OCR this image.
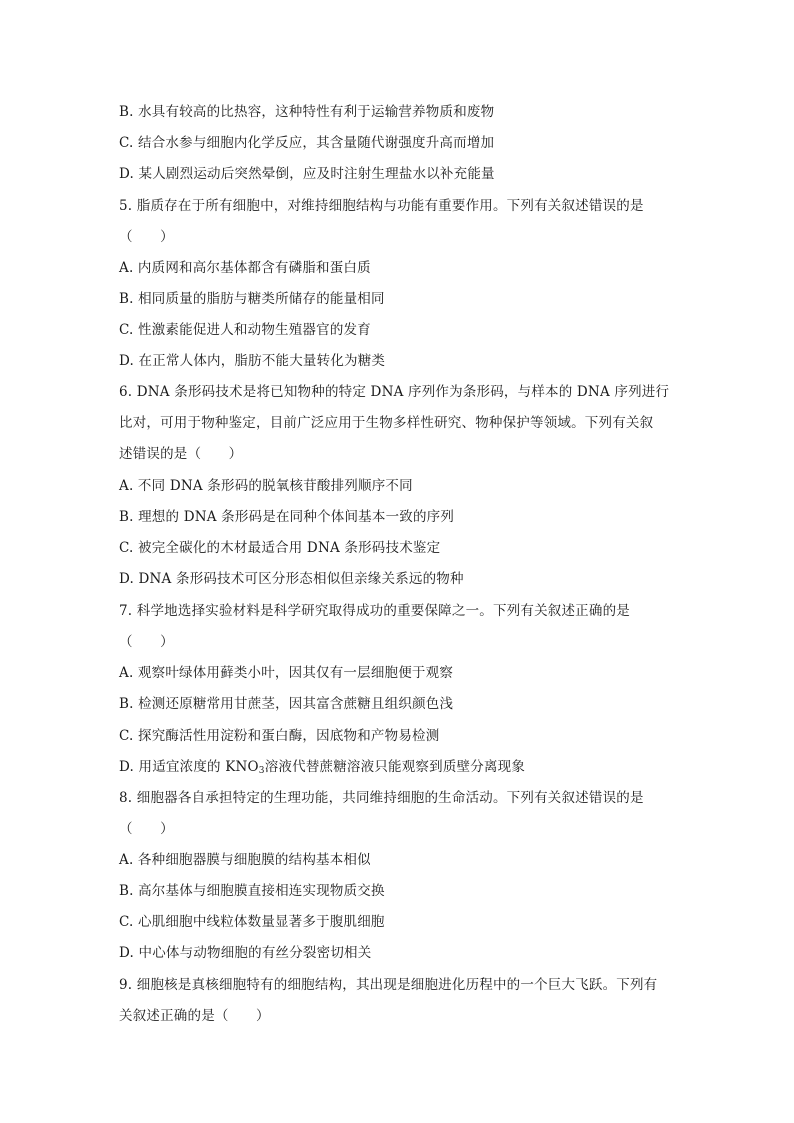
B. 水具有较高的比热容，这种特性有利于运输营养物质和废物
C. 结合水参与细胞内化学反应，其含量随代谢强度升高而增加
D. 某人剧烈运动后突然晕倒，应及时注射生理盐水以补充能量
5. 脂质存在于所有细胞中，对维持细胞结构与功能有重要作用。下列有关叙述错误的是
（　　）
A. 内质网和高尔基体都含有磷脂和蛋白质
B. 相同质量的脂肪与糖类所储存的能量相同
C. 性激素能促进人和动物生殖器官的发育
D. 在正常人体内，脂肪不能大量转化为糖类
6. DNA 条形码技术是将已知物种的特定 DNA 序列作为条形码，与样本的 DNA 序列进行
比对，可用于物种鉴定，目前广泛应用于生物多样性研究、物种保护等领域。下列有关叙
述错误的是（　　）
A. 不同 DNA 条形码的脱氧核苷酸排列顺序不同
B. 理想的 DNA 条形码是在同种个体间基本一致的序列
C. 被完全碳化的木材最适合用 DNA 条形码技术鉴定
D. DNA 条形码技术可区分形态相似但亲缘关系远的物种
7. 科学地选择实验材料是科学研究取得成功的重要保障之一。下列有关叙述正确的是
（　　）
A. 观察叶绿体用藓类小叶，因其仅有一层细胞便于观察
B. 检测还原糖常用甘蔗茎，因其富含蔗糖且组织颜色浅
C. 探究酶活性用淀粉和蛋白酶，因底物和产物易检测
D. 用适宜浓度的 $KNO_3$溶液代替蔗糖溶液只能观察到质壁分离现象
8. 细胞器各自承担特定的生理功能，共同维持细胞的生命活动。下列有关叙述错误的是
（　　）
A. 各种细胞器膜与细胞膜的结构基本相似
B. 高尔基体与细胞膜直接相连实现物质交换
C. 心肌细胞中线粒体数量显著多于腹肌细胞
D. 中心体与动物细胞的有丝分裂密切相关
9. 细胞核是真核细胞特有的细胞结构，其出现是细胞进化历程中的一个巨大飞跃。下列有
关叙述正确的是（　　）
